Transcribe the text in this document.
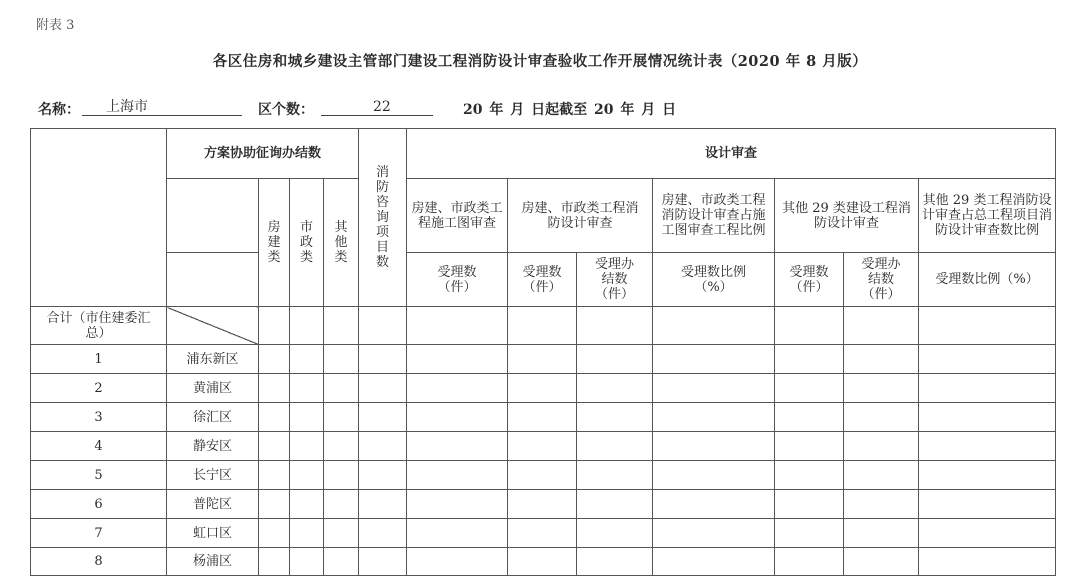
附表 3
各区住房和城乡建设主管部门建设工程消防设计审查验收工作开展情况统计表（2020 年 8 月版）
名称：	上海市	区个数：	22	20 年 月 日起截至 20 年 月 日
	方案协助征询办结数				消防咨询项目数	设计审查						
		房建类	市政类	其他类		房建、市政类工程施工图审查	房建、市政类工程消防设计审查		房建、市政类工程消防设计审查占施工图审查工程比例	其他 29 类建设工程消防设计审查		其他 29 类工程消防设计审查占总工程项目消防设计审查数比例
						受理数（件）	受理数（件）	受理办结数（件）	受理数比例（%）	受理数（件）	受理办结数（件）	受理数比例（%）
合计（市住建委汇总）												
1	浦东新区											
2	黄浦区											
3	徐汇区											
4	静安区											
5	长宁区											
6	普陀区											
7	虹口区											
8	杨浦区											
